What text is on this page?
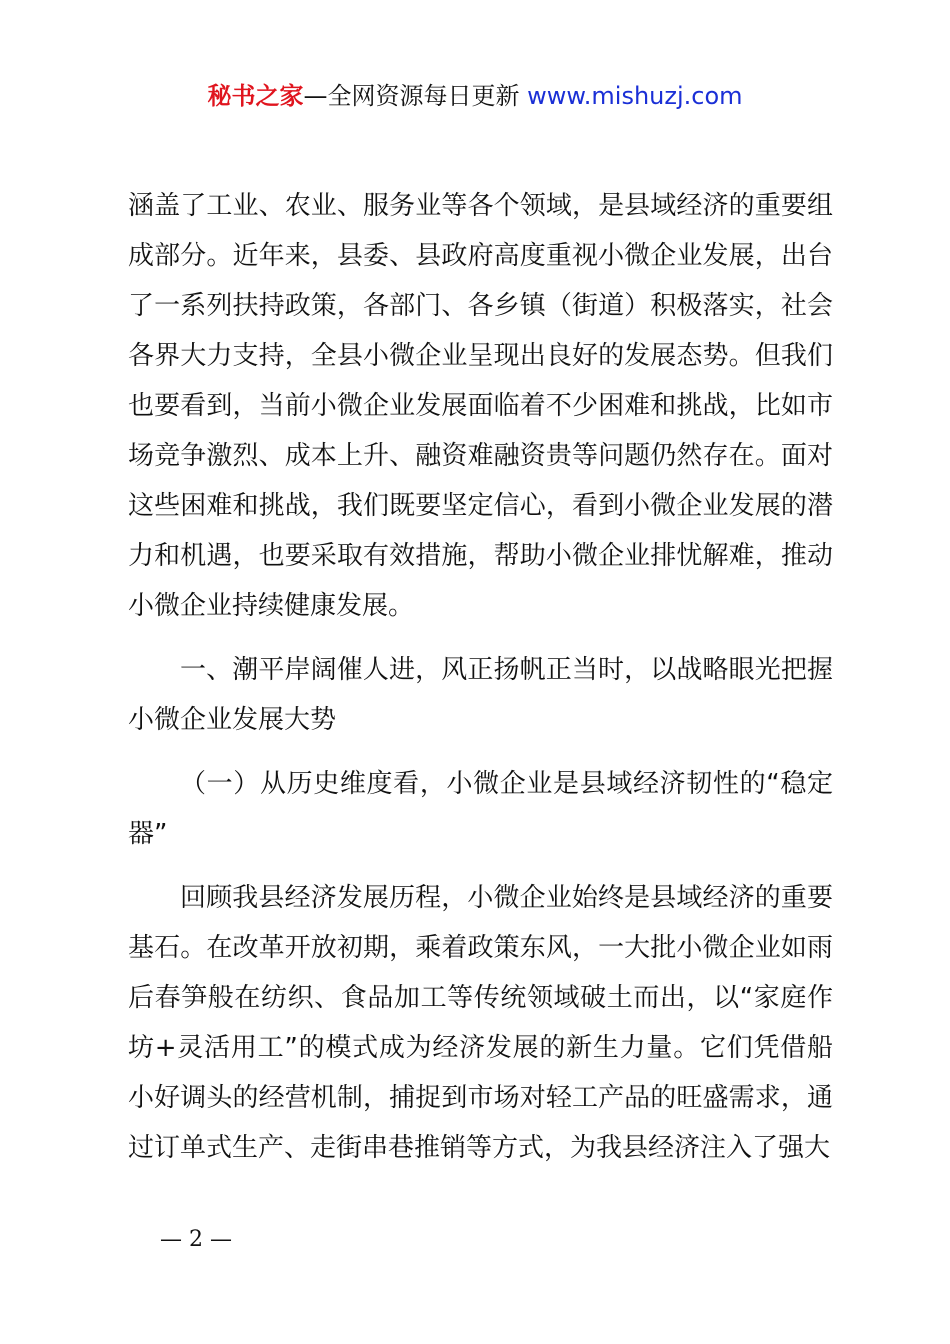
秘书之家—全网资源每日更新 www.mishuzj.com

涵盖了工业、农业、服务业等各个领域，是县域经济的重要组成部分。近年来，县委、县政府高度重视小微企业发展，出台了一系列扶持政策，各部门、各乡镇（街道）积极落实，社会各界大力支持，全县小微企业呈现出良好的发展态势。但我们也要看到，当前小微企业发展面临着不少困难和挑战，比如市场竞争激烈、成本上升、融资难融资贵等问题仍然存在。面对这些困难和挑战，我们既要坚定信心，看到小微企业发展的潜力和机遇，也要采取有效措施，帮助小微企业排忧解难，推动小微企业持续健康发展。

一、潮平岸阔催人进，风正扬帆正当时，以战略眼光把握小微企业发展大势

（一）从历史维度看，小微企业是县域经济韧性的“稳定器”

回顾我县经济发展历程，小微企业始终是县域经济的重要基石。在改革开放初期，乘着政策东风，一大批小微企业如雨后春笋般在纺织、食品加工等传统领域破土而出，以“家庭作坊+灵活用工”的模式成为经济发展的新生力量。它们凭借船小好调头的经营机制，捕捉到市场对轻工产品的旺盛需求，通过订单式生产、走街串巷推销等方式，为我县经济注入了强大

— 2 —
